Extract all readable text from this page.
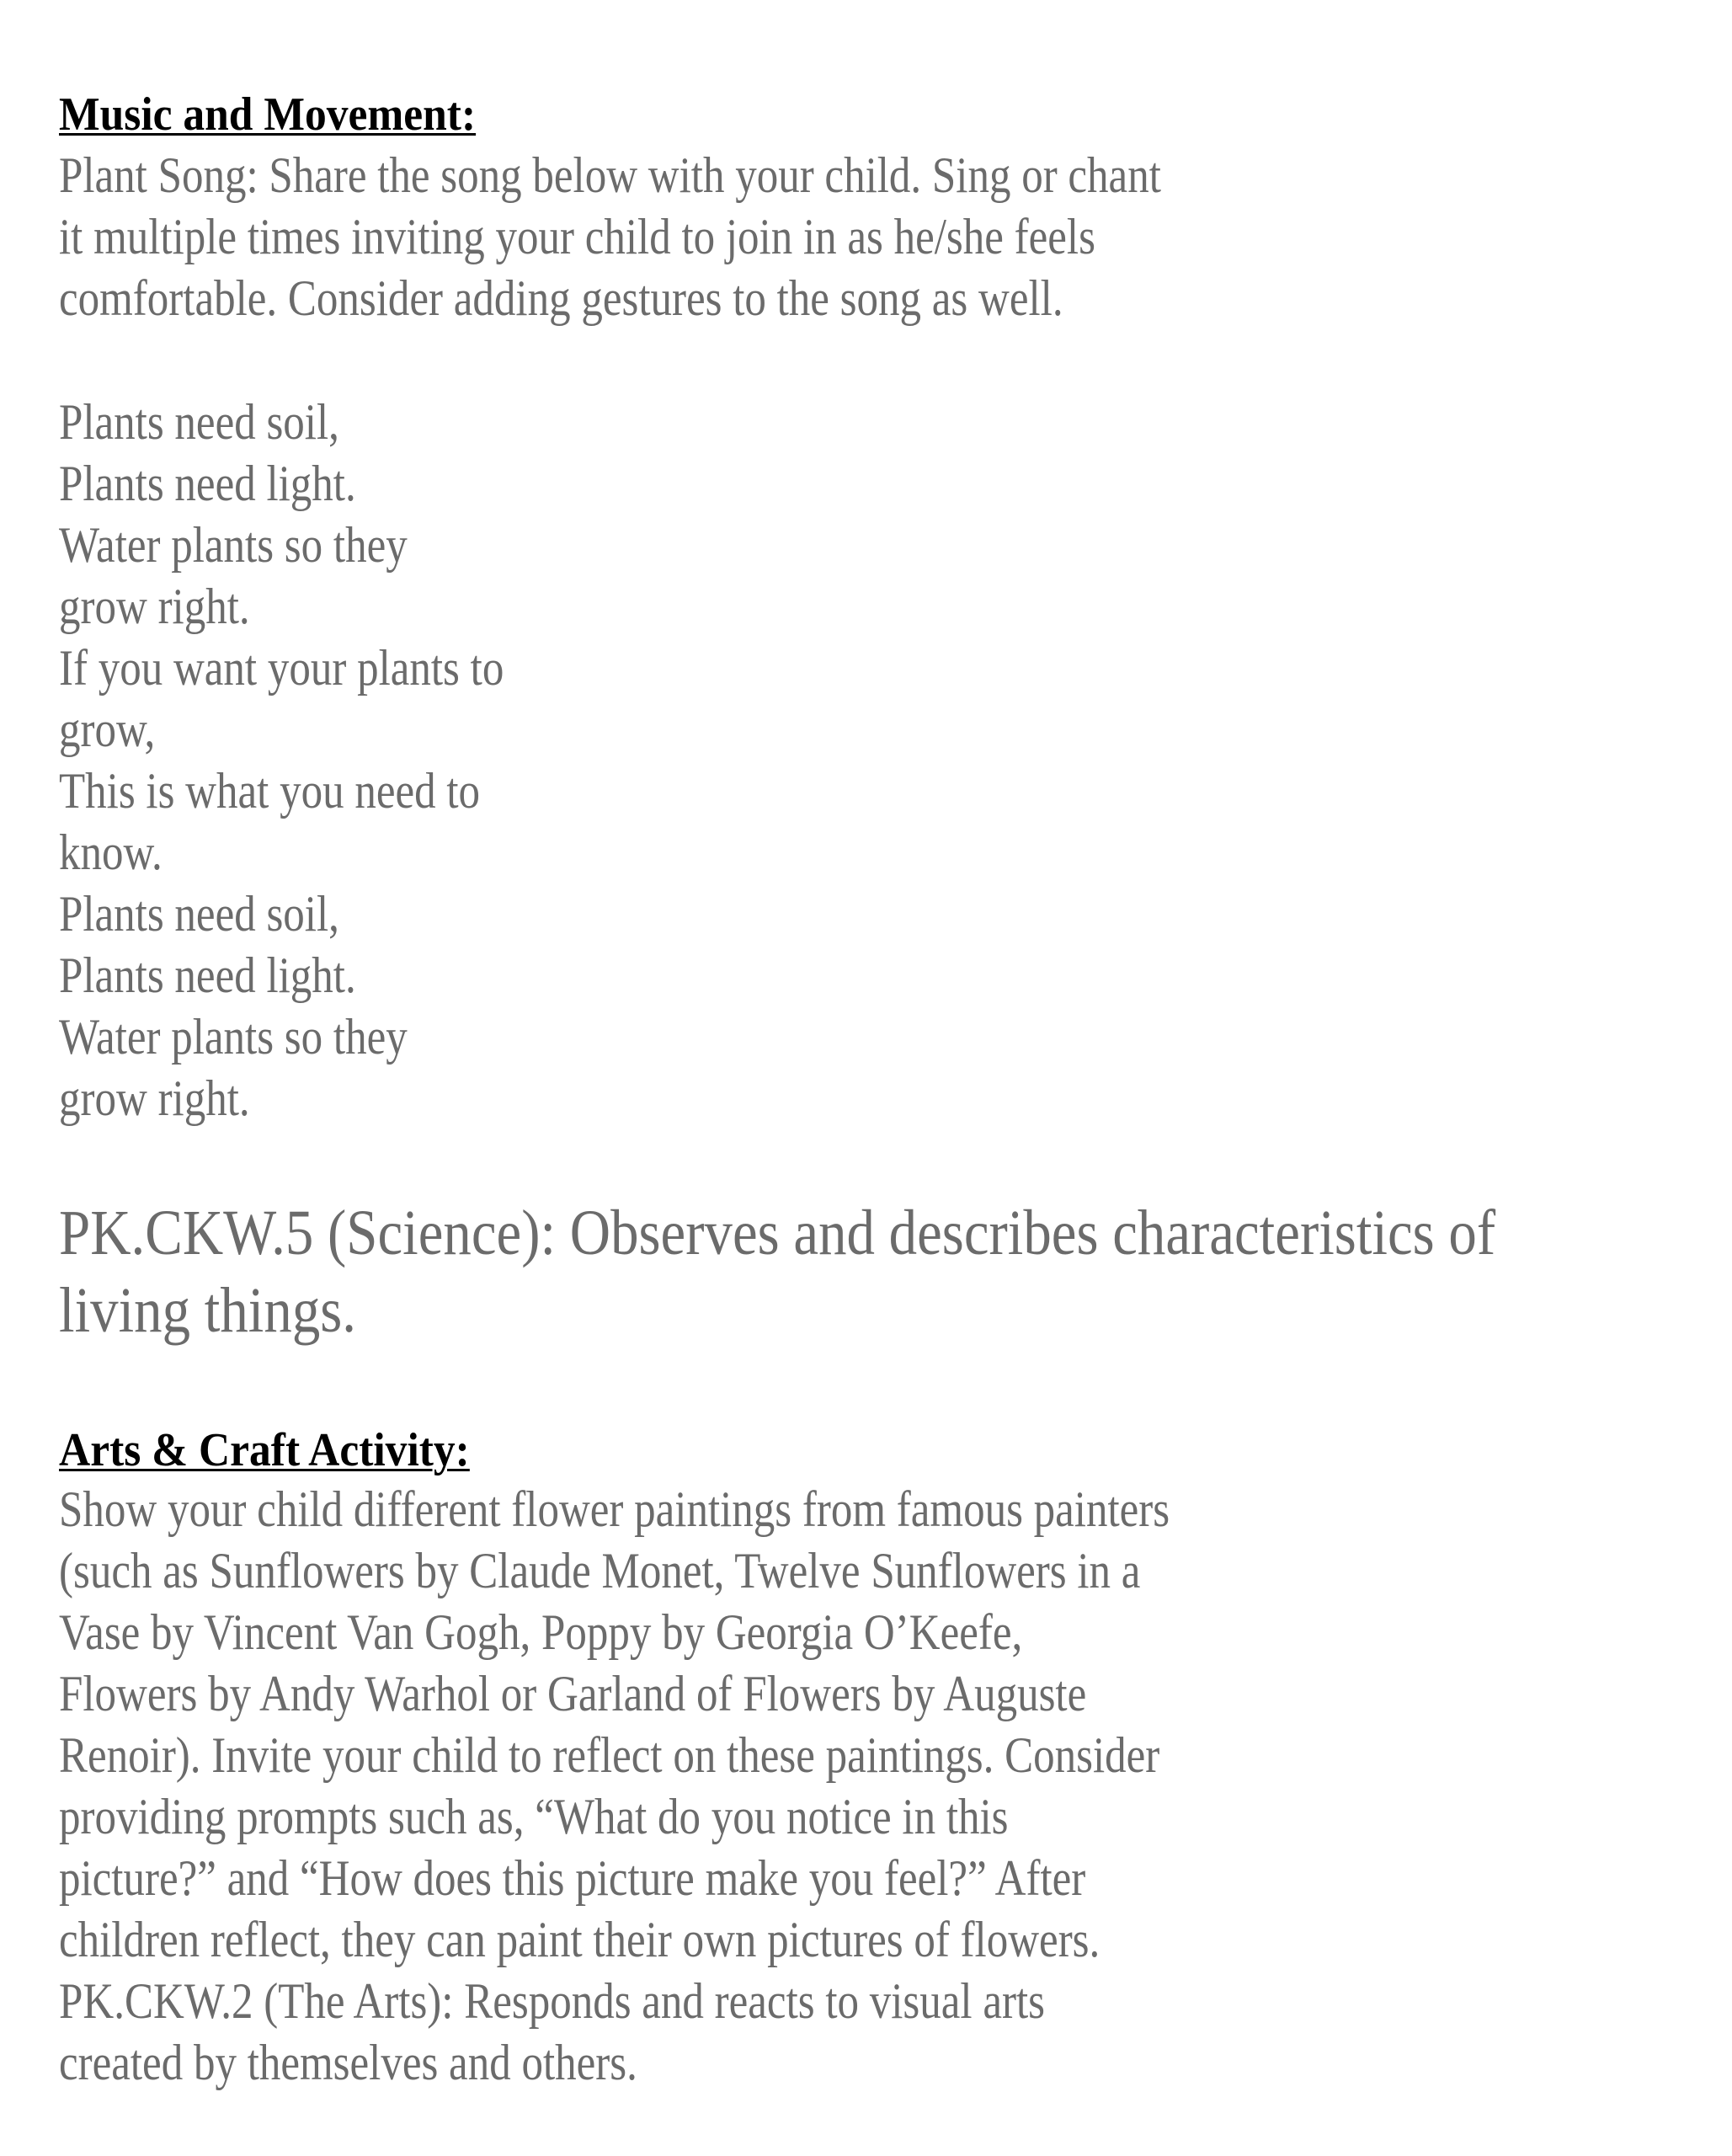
Music and Movement:
Plant Song: Share the song below with your child. Sing or chant
it multiple times inviting your child to join in as he/she feels
comfortable. Consider adding gestures to the song as well.
Plants need soil,
Plants need light.
Water plants so they
grow right.
If you want your plants to
grow,
This is what you need to
know.
Plants need soil,
Plants need light.
Water plants so they
grow right.
PK.CKW.5 (Science): Observes and describes characteristics of
living things.
Arts & Craft Activity:
Show your child different flower paintings from famous painters
(such as Sunflowers by Claude Monet, Twelve Sunflowers in a
Vase by Vincent Van Gogh, Poppy by Georgia O’Keefe,
Flowers by Andy Warhol or Garland of Flowers by Auguste
Renoir). Invite your child to reflect on these paintings. Consider
providing prompts such as, “What do you notice in this
picture?” and “How does this picture make you feel?” After
children reflect, they can paint their own pictures of flowers.
PK.CKW.2 (The Arts): Responds and reacts to visual arts
created by themselves and others.
